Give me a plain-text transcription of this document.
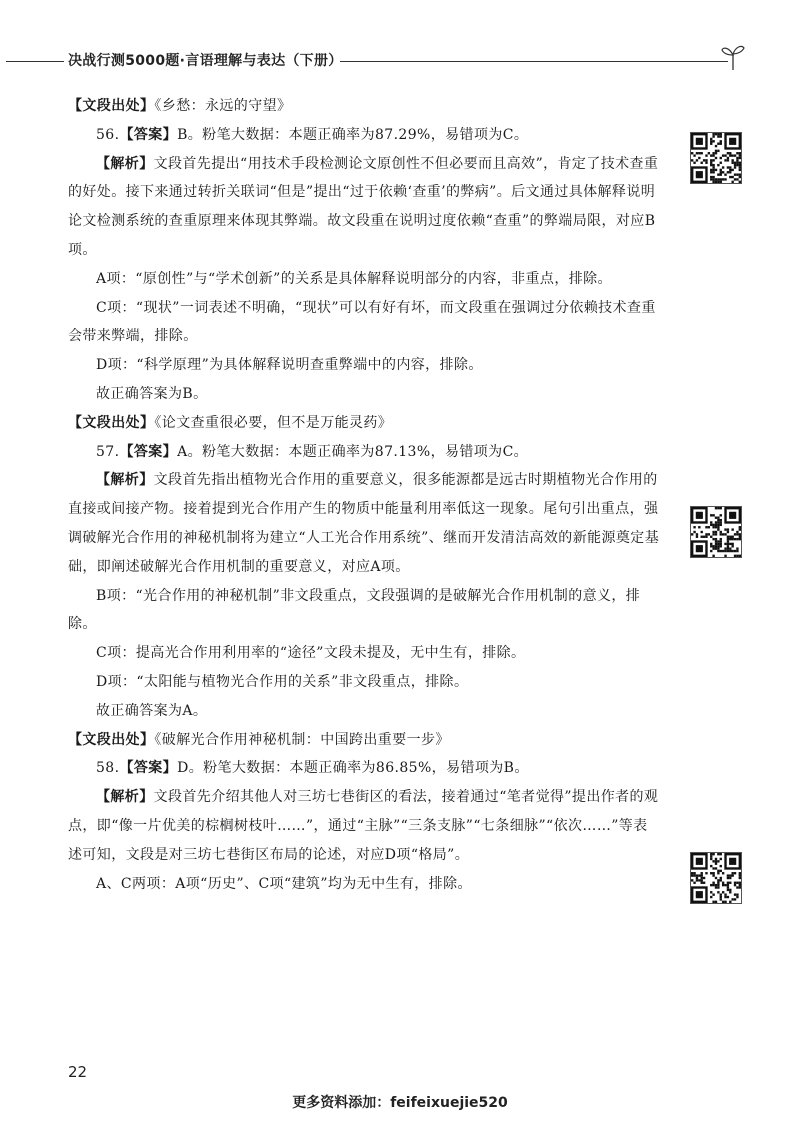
决战行测5000题·言语理解与表达（下册）

【文段出处】《乡愁：永远的守望》

56.【答案】B。粉笔大数据：本题正确率为87.29%，易错项为C。

【解析】文段首先提出“用技术手段检测论文原创性不但必要而且高效”，肯定了技术查重的好处。接下来通过转折关联词“但是”提出“过于依赖‘查重’的弊病”。后文通过具体解释说明论文检测系统的查重原理来体现其弊端。故文段重在说明过度依赖“查重”的弊端局限，对应B项。

A项：“原创性”与“学术创新”的关系是具体解释说明部分的内容，非重点，排除。

C项：“现状”一词表述不明确，“现状”可以有好有坏，而文段重在强调过分依赖技术查重会带来弊端，排除。

D项：“科学原理”为具体解释说明查重弊端中的内容，排除。

故正确答案为B。

【文段出处】《论文查重很必要，但不是万能灵药》

57.【答案】A。粉笔大数据：本题正确率为87.13%，易错项为C。

【解析】文段首先指出植物光合作用的重要意义，很多能源都是远古时期植物光合作用的直接或间接产物。接着提到光合作用产生的物质中能量利用率低这一现象。尾句引出重点，强调破解光合作用的神秘机制将为建立“人工光合作用系统”、继而开发清洁高效的新能源奠定基础，即阐述破解光合作用机制的重要意义，对应A项。

B项：“光合作用的神秘机制”非文段重点，文段强调的是破解光合作用机制的意义，排除。

C项：提高光合作用利用率的“途径”文段未提及，无中生有，排除。

D项：“太阳能与植物光合作用的关系”非文段重点，排除。

故正确答案为A。

【文段出处】《破解光合作用神秘机制：中国跨出重要一步》

58.【答案】D。粉笔大数据：本题正确率为86.85%，易错项为B。

【解析】文段首先介绍其他人对三坊七巷街区的看法，接着通过“笔者觉得”提出作者的观点，即“像一片优美的棕榈树枝叶……”，通过“主脉”“三条支脉”“七条细脉”“依次……”等表述可知，文段是对三坊七巷街区布局的论述，对应D项“格局”。

A、C两项：A项“历史”、C项“建筑”均为无中生有，排除。

22
更多资料添加：feifeixuejie520
